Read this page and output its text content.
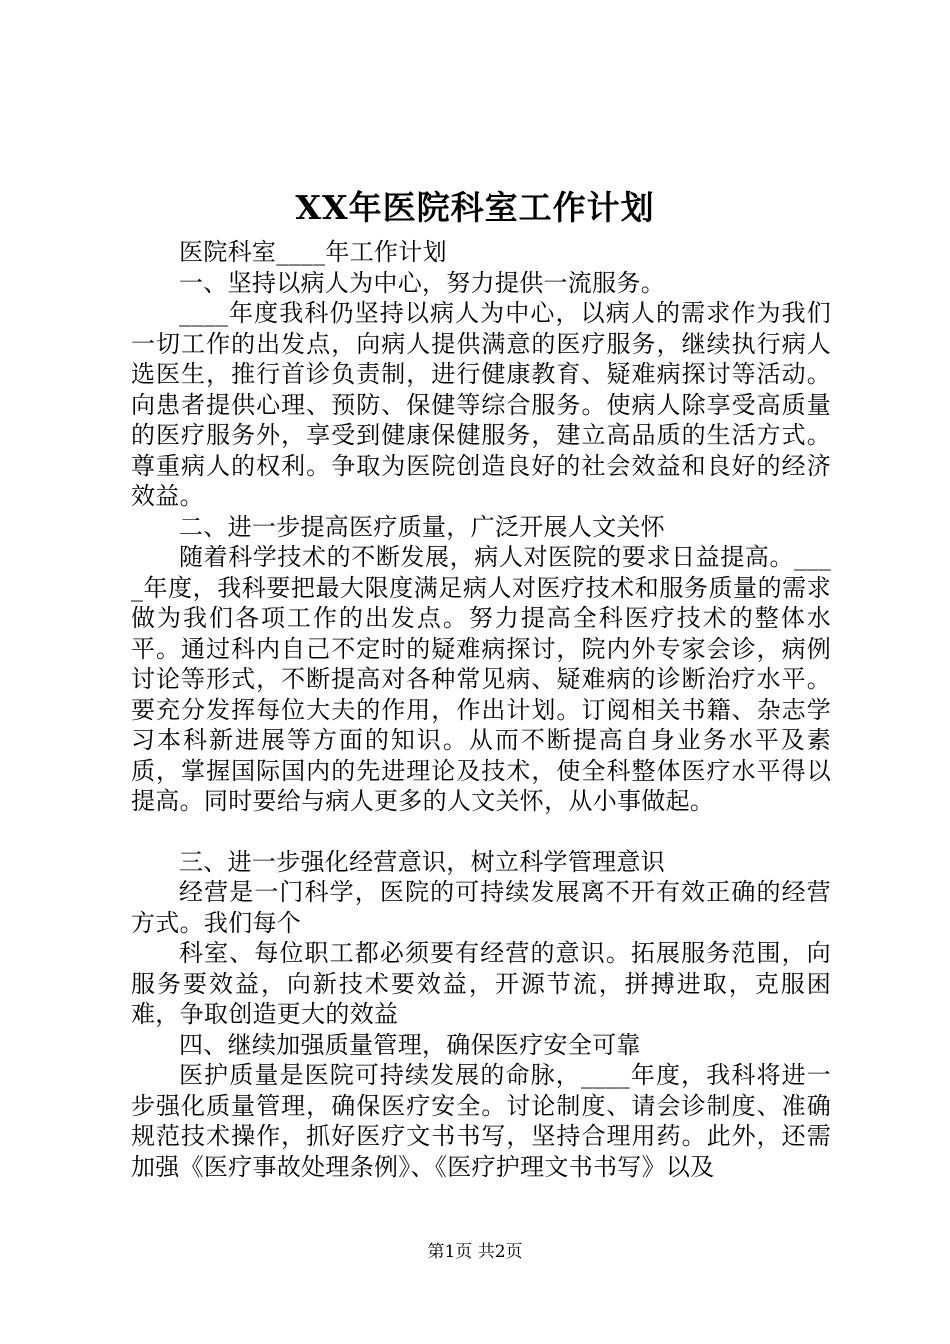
XX年医院科室工作计划

医院科室____年工作计划

一、坚持以病人为中心，努力提供一流服务。

____年度我科仍坚持以病人为中心，以病人的需求作为我们一切工作的出发点，向病人提供满意的医疗服务，继续执行病人选医生，推行首诊负责制，进行健康教育、疑难病探讨等活动。向患者提供心理、预防、保健等综合服务。使病人除享受高质量的医疗服务外，享受到健康保健服务，建立高品质的生活方式。尊重病人的权利。争取为医院创造良好的社会效益和良好的经济效益。

二、进一步提高医疗质量，广泛开展人文关怀

随着科学技术的不断发展，病人对医院的要求日益提高。____年度，我科要把最大限度满足病人对医疗技术和服务质量的需求做为我们各项工作的出发点。努力提高全科医疗技术的整体水平。通过科内自己不定时的疑难病探讨，院内外专家会诊，病例讨论等形式，不断提高对各种常见病、疑难病的诊断治疗水平。要充分发挥每位大夫的作用，作出计划。订阅相关书籍、杂志学习本科新进展等方面的知识。从而不断提高自身业务水平及素质，掌握国际国内的先进理论及技术，使全科整体医疗水平得以提高。同时要给与病人更多的人文关怀，从小事做起。

三、进一步强化经营意识，树立科学管理意识

经营是一门科学，医院的可持续发展离不开有效正确的经营方式。我们每个

科室、每位职工都必须要有经营的意识。拓展服务范围，向服务要效益，向新技术要效益，开源节流，拼搏进取，克服困难，争取创造更大的效益

四、继续加强质量管理，确保医疗安全可靠

医护质量是医院可持续发展的命脉，____年度，我科将进一步强化质量管理，确保医疗安全。讨论制度、请会诊制度、准确规范技术操作，抓好医疗文书书写，坚持合理用药。此外，还需加强《医疗事故处理条例》、《医疗护理文书书写》以及

第1页 共2页
